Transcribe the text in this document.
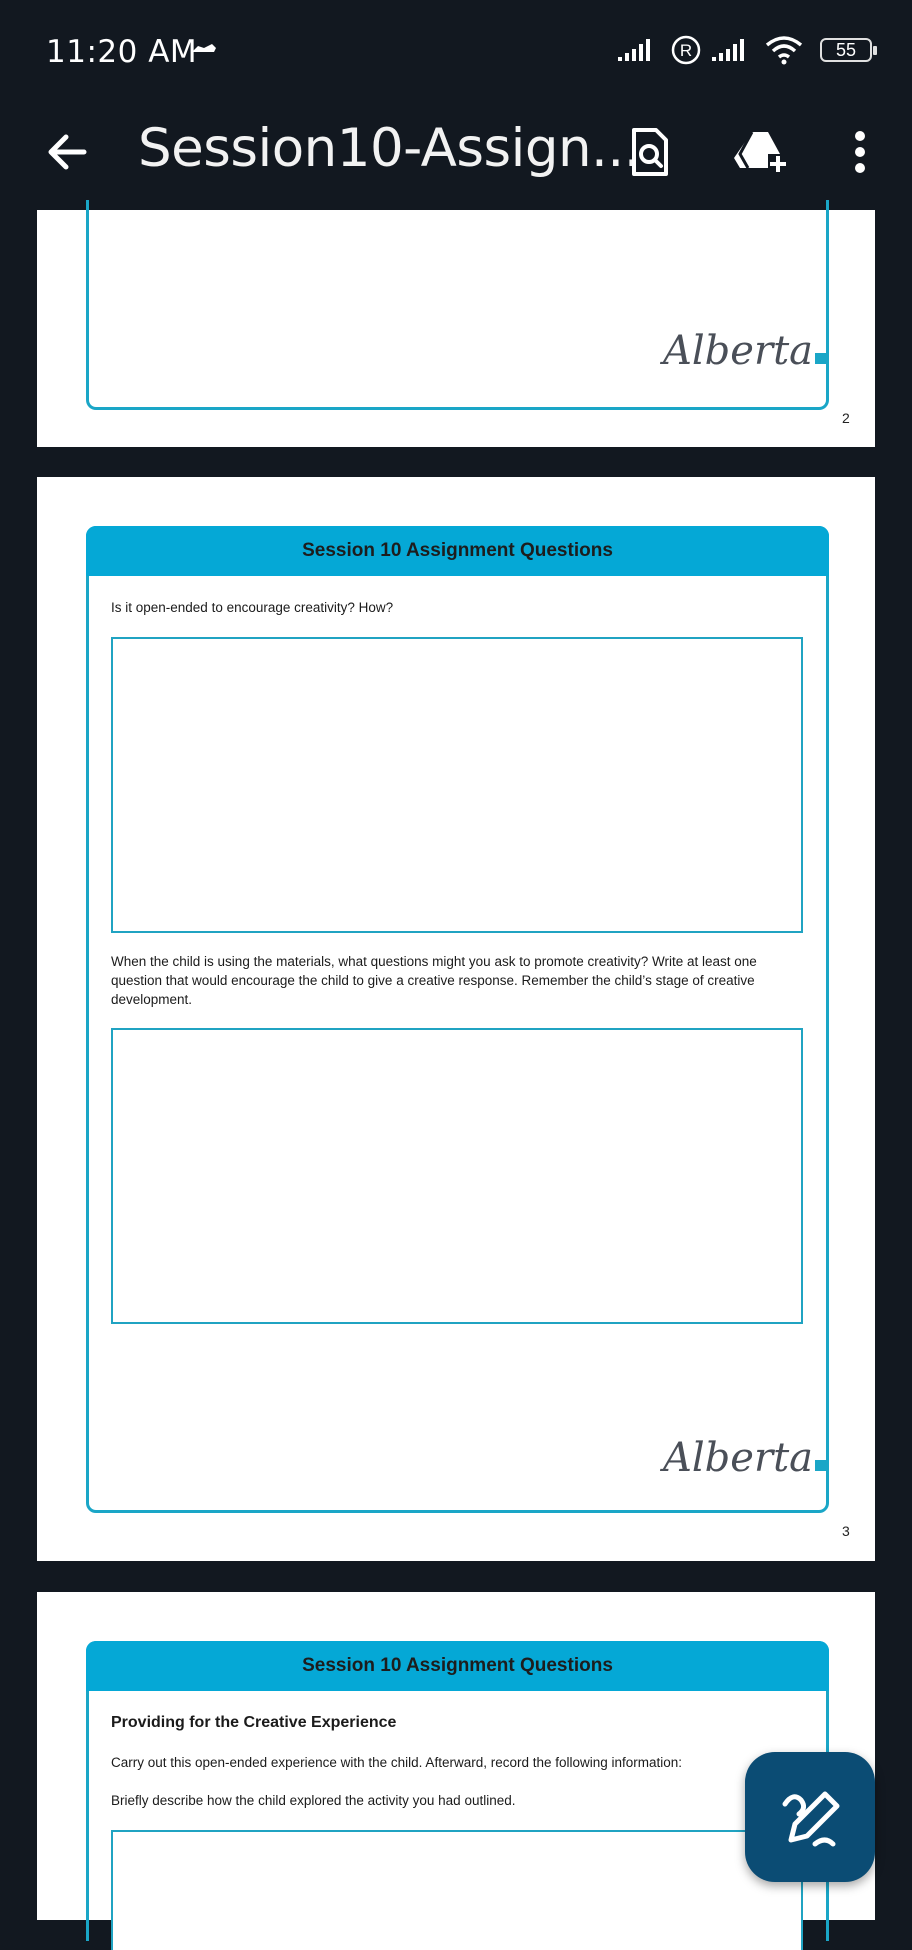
11:20 AM	R	55
Session10-Assign...
Alberta
2
Session 10 Assignment Questions
Is it open-ended to encourage creativity? How?
When the child is using the materials, what questions might you ask to promote creativity? Write at least one question that would encourage the child to give a creative response. Remember the child’s stage of creative development.
Alberta
3
Session 10 Assignment Questions
Providing for the Creative Experience
Carry out this open-ended experience with the child. Afterward, record the following information:
Briefly describe how the child explored the activity you had outlined.
